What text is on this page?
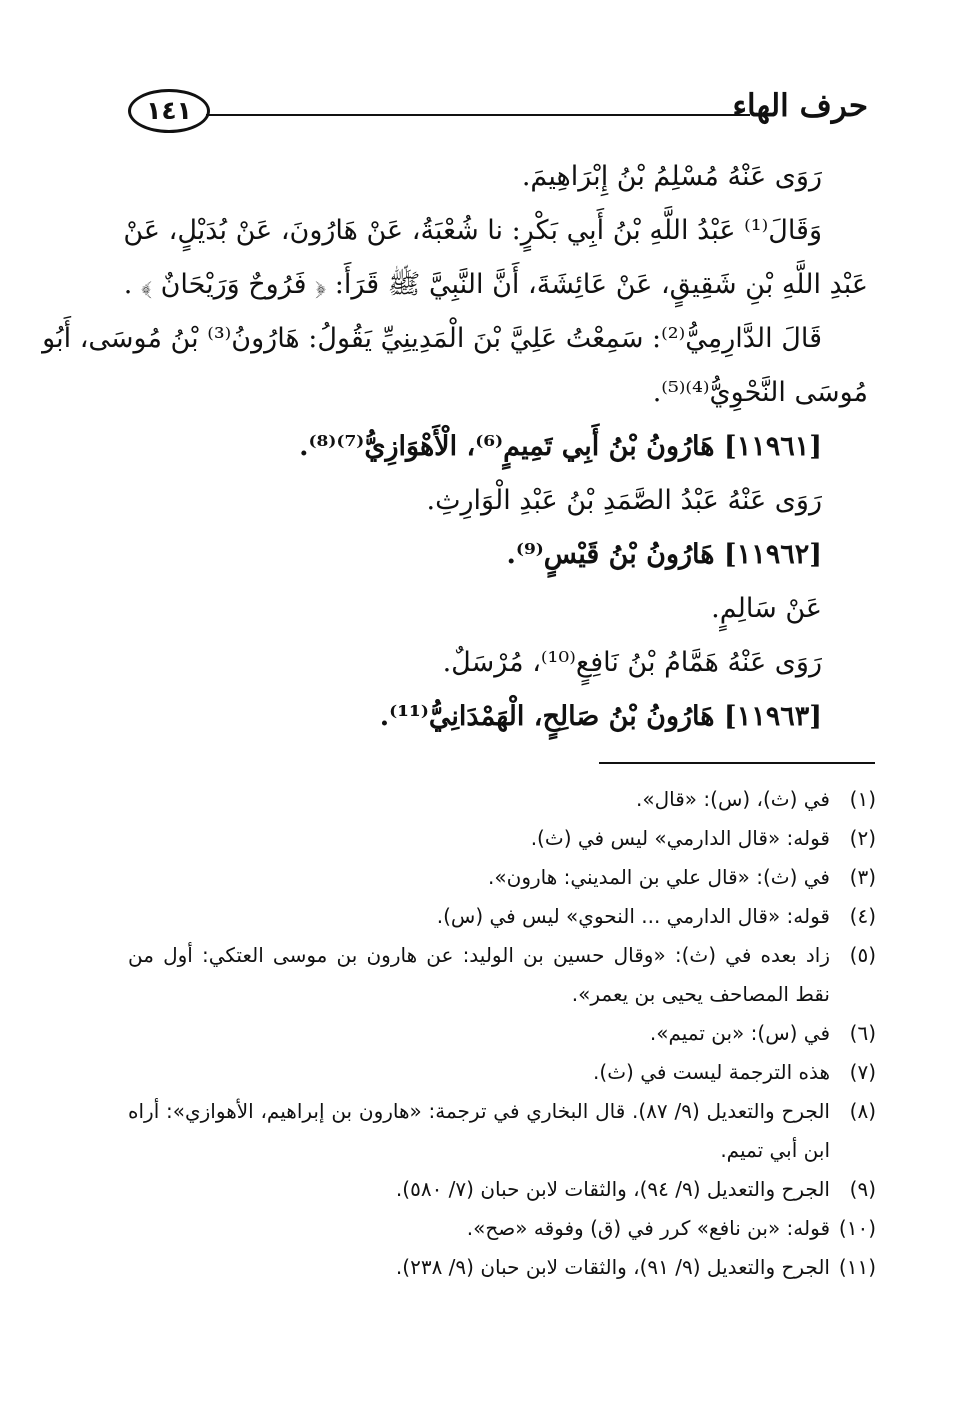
حرف الهاء
١٤١

رَوَى عَنْهُ مُسْلِمُ بْنُ إِبْرَاهِيمَ.

وَقَالَ⁽¹⁾ عَبْدُ اللَّهِ بْنُ أَبِي بَكْرٍ: نا شُعْبَةُ، عَنْ هَارُونَ، عَنْ بُدَيْلٍ، عَنْ

عَبْدِ اللَّهِ بْنِ شَقِيقٍ، عَنْ عَائِشَةَ، أَنَّ النَّبِيَّ ﷺ قَرَأَ: ﴿ فَرُوحٌ وَرَيْحَانٌ ﴾ .

قَالَ الدَّارِمِيُّ⁽²⁾: سَمِعْتُ عَلِيَّ بْنَ الْمَدِينِيِّ يَقُولُ: هَارُونُ⁽³⁾ بْنُ مُوسَى، أَبُو

مُوسَى النَّحْوِيُّ⁽⁴⁾⁽⁵⁾.

[١١٩٦١] هَارُونُ بْنُ أَبِي تَمِيمٍ⁽⁶⁾، الْأَهْوَازِيُّ⁽⁷⁾⁽⁸⁾.

رَوَى عَنْهُ عَبْدُ الصَّمَدِ بْنُ عَبْدِ الْوَارِثِ.

[١١٩٦٢] هَارُونُ بْنُ قَيْسٍ⁽⁹⁾.

عَنْ سَالِمٍ.

رَوَى عَنْهُ هَمَّامُ بْنُ نَافِعٍ⁽¹⁰⁾، مُرْسَلٌ.

[١١٩٦٣] هَارُونُ بْنُ صَالِحٍ، الْهَمْدَانِيُّ⁽¹¹⁾.

(١)
في (ث)، (س): «قال».
(٢)
قوله: «قال الدارمي» ليس في (ث).
(٣)
في (ث): «قال علي بن المديني: هارون».
(٤)
قوله: «قال الدارمي ... النحوي» ليس في (س).
(٥)
زاد بعده في (ث): «وقال حسين بن الوليد: عن هارون بن موسى العتكي: أول من نقط المصاحف يحيى بن يعمر».
(٦)
في (س): «بن تميم».
(٧)
هذه الترجمة ليست في (ث).
(٨)
الجرح والتعديل (٩/ ٨٧). قال البخاري في ترجمة: «هارون بن إبراهيم، الأهوازي»: أراه ابن أبي تميم.
(٩)
الجرح والتعديل (٩/ ٩٤)، والثقات لابن حبان (٧/ ٥٨٠).
(١٠)
قوله: «بن نافع» كرر في (ق) وفوقه «صح».
(١١)
الجرح والتعديل (٩/ ٩١)، والثقات لابن حبان (٩/ ٢٣٨).
